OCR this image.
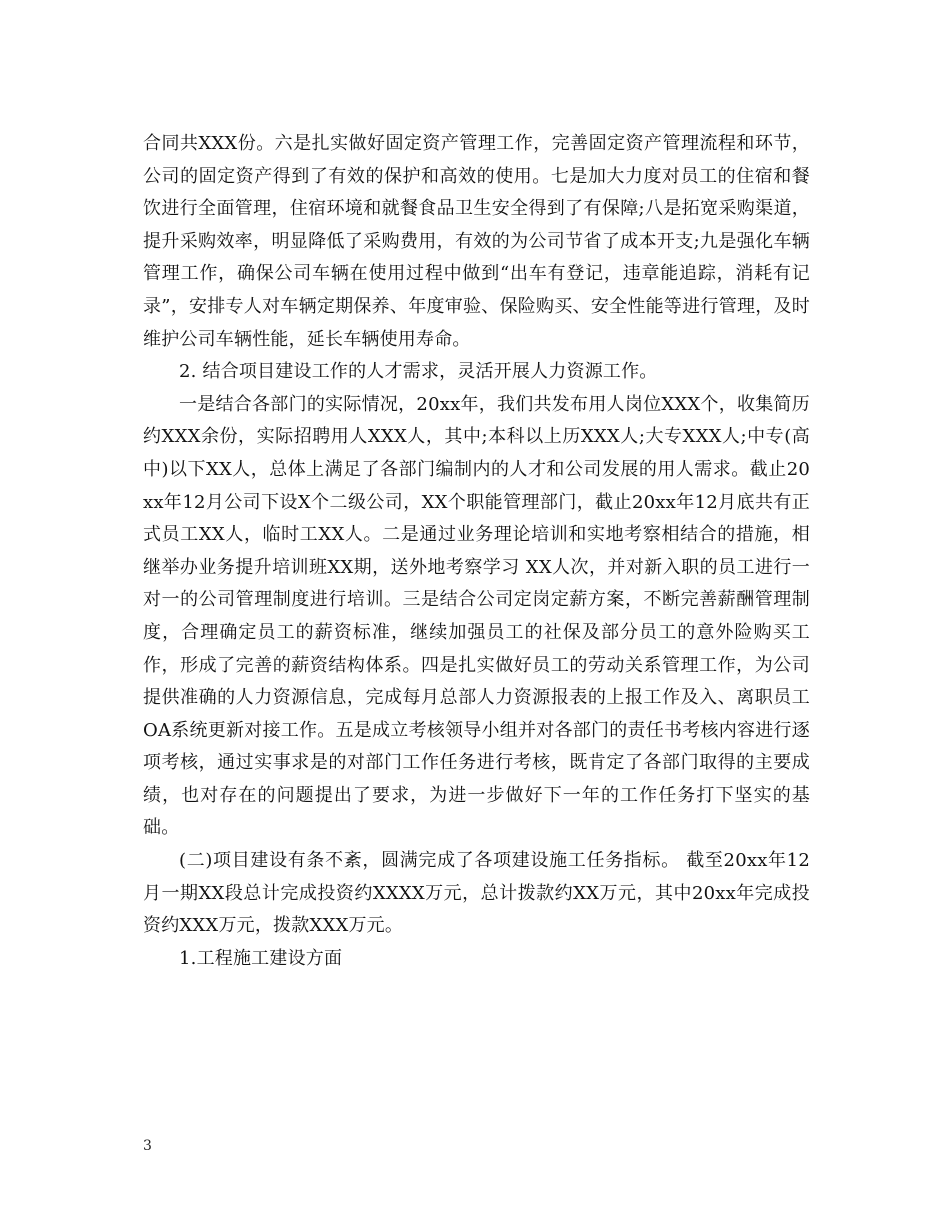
合同共XXX份。六是扎实做好固定资产管理工作，完善固定资产管理流程和环节，公司的固定资产得到了有效的保护和高效的使用。七是加大力度对员工的住宿和餐饮进行全面管理，住宿环境和就餐食品卫生安全得到了有保障;八是拓宽采购渠道，提升采购效率，明显降低了采购费用，有效的为公司节省了成本开支;九是强化车辆管理工作，确保公司车辆在使用过程中做到“出车有登记，违章能追踪，消耗有记录”，安排专人对车辆定期保养、年度审验、保险购买、安全性能等进行管理，及时维护公司车辆性能，延长车辆使用寿命。

2. 结合项目建设工作的人才需求，灵活开展人力资源工作。

一是结合各部门的实际情况，20xx年，我们共发布用人岗位XXX个，收集简历约XXX余份，实际招聘用人XXX人，其中;本科以上历XXX人;大专XXX人;中专(高中)以下XX人，总体上满足了各部门编制内的人才和公司发展的用人需求。截止20xx年12月公司下设X个二级公司，XX个职能管理部门，截止20xx年12月底共有正式员工XX人，临时工XX人。二是通过业务理论培训和实地考察相结合的措施，相继举办业务提升培训班XX期，送外地考察学习 XX人次，并对新入职的员工进行一对一的公司管理制度进行培训。三是结合公司定岗定薪方案，不断完善薪酬管理制度，合理确定员工的薪资标准，继续加强员工的社保及部分员工的意外险购买工作，形成了完善的薪资结构体系。四是扎实做好员工的劳动关系管理工作，为公司提供准确的人力资源信息，完成每月总部人力资源报表的上报工作及入、离职员工OA系统更新对接工作。五是成立考核领导小组并对各部门的责任书考核内容进行逐项考核，通过实事求是的对部门工作任务进行考核，既肯定了各部门取得的主要成绩，也对存在的问题提出了要求，为进一步做好下一年的工作任务打下坚实的基础。

(二)项目建设有条不紊，圆满完成了各项建设施工任务指标。 截至20xx年12月一期XX段总计完成投资约XXXX万元，总计拨款约XX万元，其中20xx年完成投资约XXX万元，拨款XXX万元。

1.工程施工建设方面

3
